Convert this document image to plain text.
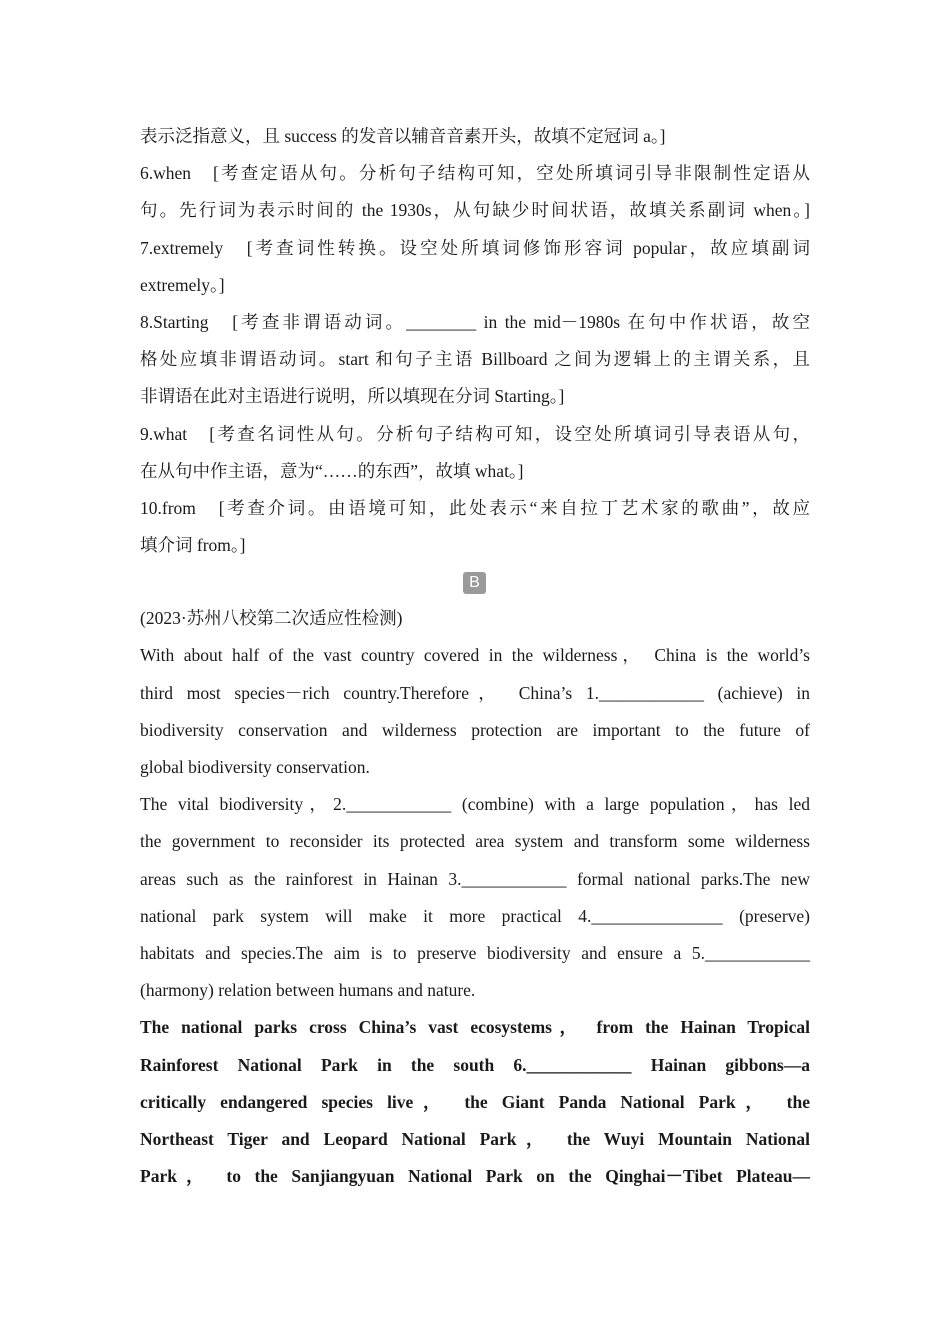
表示泛指意义，且 success 的发音以辅音音素开头，故填不定冠词 a。]
6.when　[考查定语从句。分析句子结构可知，空处所填词引导非限制性定语从
句。先行词为表示时间的 the 1930s，从句缺少时间状语，故填关系副词 when。]
7.extremely　[考查词性转换。设空处所填词修饰形容词 popular，故应填副词
extremely。]
8.Starting　[考查非谓语动词。________ in the mid－1980s 在句中作状语，故空
格处应填非谓语动词。start 和句子主语 Billboard 之间为逻辑上的主谓关系，且
非谓语在此对主语进行说明，所以填现在分词 Starting。]
9.what　[考查名词性从句。分析句子结构可知，设空处所填词引导表语从句，
在从句中作主语，意为“……的东西”，故填 what。]
10.from　[考查介词。由语境可知，此处表示“来自拉丁艺术家的歌曲”，故应
填介词 from。]
B
(2023·苏州八校第二次适应性检测)
With about half of the vast country covered in the wilderness， China is the world’s
third most species－rich country.Therefore， China’s 1.____________ (achieve) in
biodiversity conservation and wilderness protection are important to the future of
global biodiversity conservation.
The vital biodiversity，2.____________ (combine) with a large population，has led
the government to reconsider its protected area system and transform some wilderness
areas such as the rainforest in Hainan 3.____________ formal national parks.The new
national park system will make it more practical 4._______________ (preserve)
habitats and species.The aim is to preserve biodiversity and ensure a 5.____________
(harmony) relation between humans and nature.
The national parks cross China’s vast ecosystems， from the Hainan Tropical
Rainforest National Park in the south 6.____________ Hainan gibbons—a
critically endangered species live， the Giant Panda National Park， the
Northeast Tiger and Leopard National Park， the Wuyi Mountain National
Park， to the Sanjiangyuan National Park on the Qinghai－Tibet Plateau—
